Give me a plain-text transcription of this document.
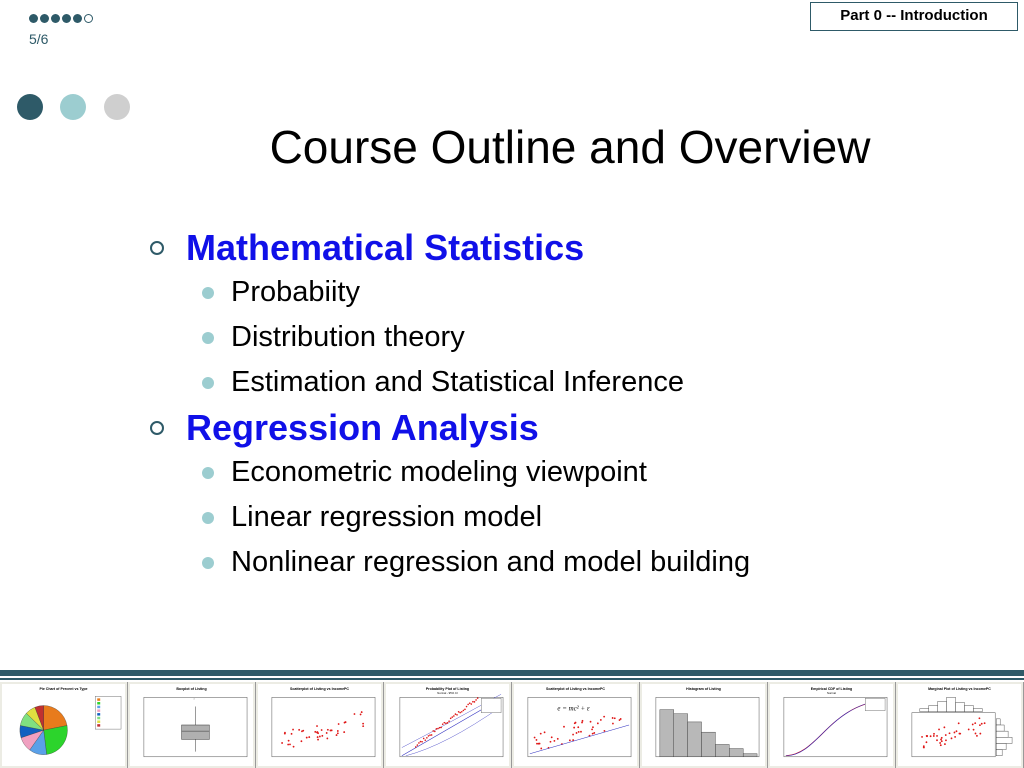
5/6
Part 0 -- Introduction
Course Outline and Overview
Mathematical Statistics
Probabiity
Distribution theory
Estimation and Statistical Inference
Regression Analysis
Econometric modeling viewpoint
Linear regression model
Nonlinear regression and model building
Pie Chart of Percent vs Type	Boxplot of Listing
*
Scatterplot of Listing vs IncomePC	Probability Plot of Listing
Normal - 95% CI
Scatterplot of Listing vs IncomePC
e = mc² + ε
Histogram of Listing	Empirical CDF of Listing
Normal
Marginal Plot of Listing vs IncomePC
